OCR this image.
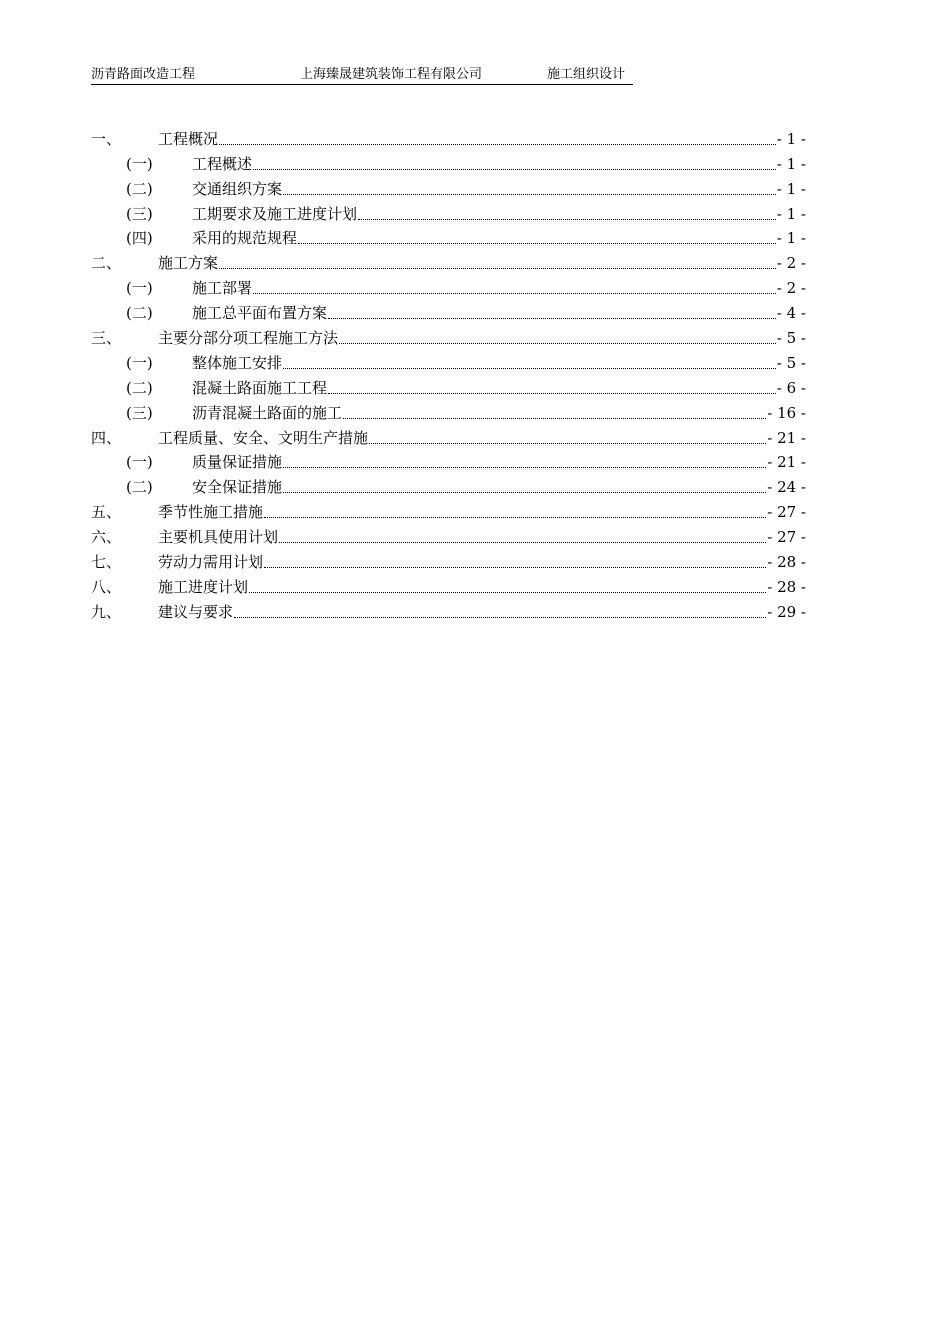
沥青路面改造工程	上海臻晟建筑装饰工程有限公司	施工组织设计
一、	工程概况	- 1 -
(一)	工程概述	- 1 -
(二)	交通组织方案	- 1 -
(三)	工期要求及施工进度计划	- 1 -
(四)	采用的规范规程	- 1 -
二、	施工方案	- 2 -
(一)	施工部署	- 2 -
(二)	施工总平面布置方案	- 4 -
三、	主要分部分项工程施工方法	- 5 -
(一)	整体施工安排	- 5 -
(二)	混凝土路面施工工程	- 6 -
(三)	沥青混凝土路面的施工	- 16 -
四、	工程质量、安全、文明生产措施	- 21 -
(一)	质量保证措施	- 21 -
(二)	安全保证措施	- 24 -
五、	季节性施工措施	- 27 -
六、	主要机具使用计划	- 27 -
七、	劳动力需用计划	- 28 -
八、	施工进度计划	- 28 -
九、	建议与要求	- 29 -
